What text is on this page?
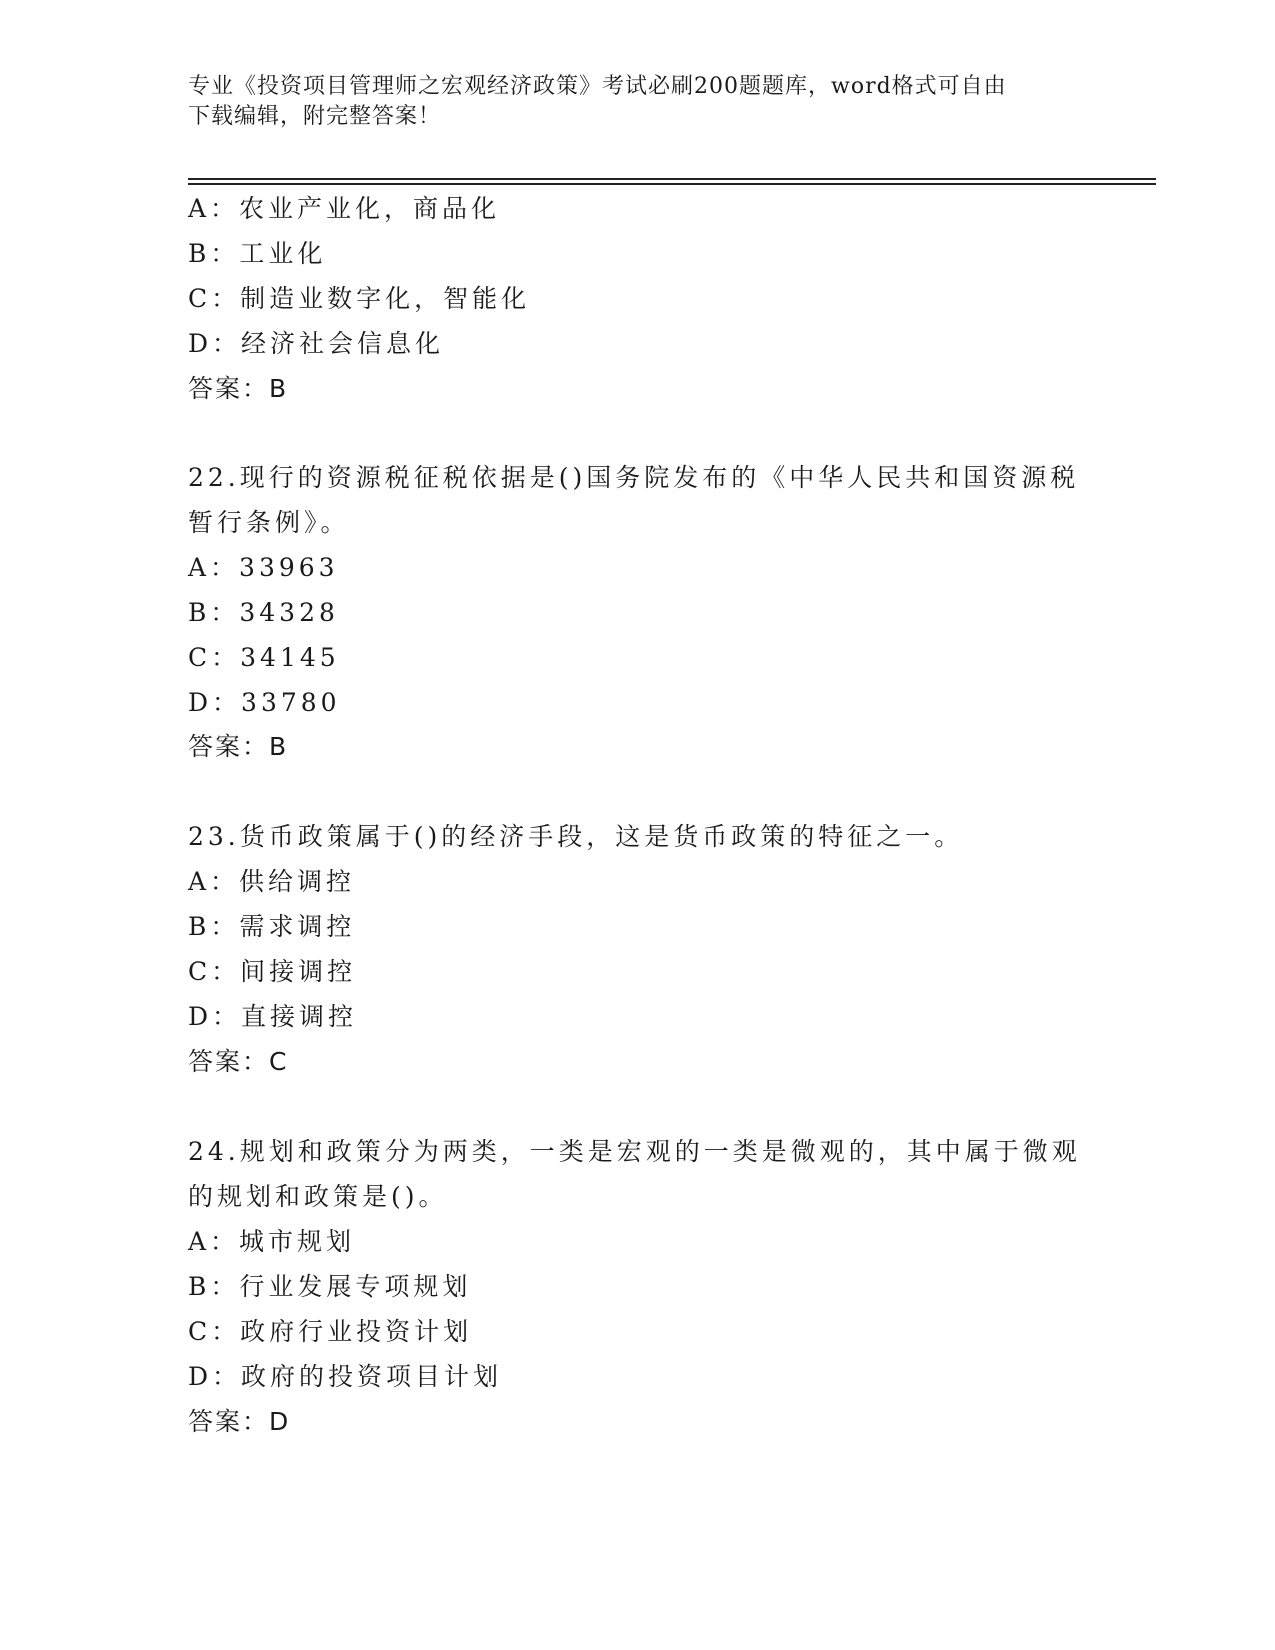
专业《投资项目管理师之宏观经济政策》考试必刷200题题库，word格式可自由
下载编辑，附完整答案！
A：农业产业化，商品化
B：工业化
C：制造业数字化，智能化
D：经济社会信息化
答案：B
22.现行的资源税征税依据是()国务院发布的《中华人民共和国资源税
暂行条例》。
A：33963
B：34328
C：34145
D：33780
答案：B
23.货币政策属于()的经济手段，这是货币政策的特征之一。
A：供给调控
B：需求调控
C：间接调控
D：直接调控
答案：C
24.规划和政策分为两类，一类是宏观的一类是微观的，其中属于微观
的规划和政策是()。
A：城市规划
B：行业发展专项规划
C：政府行业投资计划
D：政府的投资项目计划
答案：D
